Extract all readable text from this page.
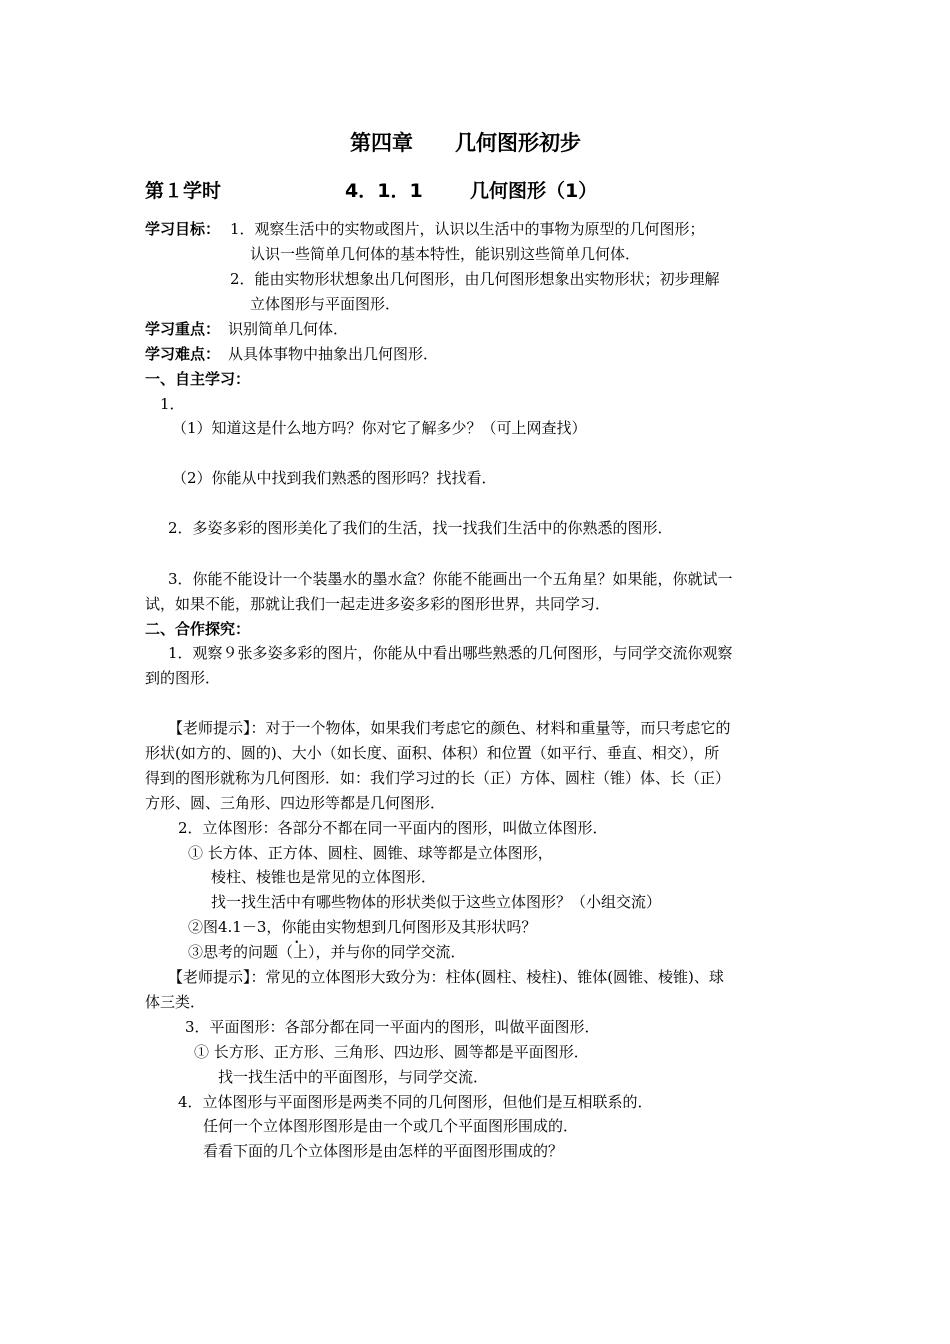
第四章　　几何图形初步
第１学时	4．1．1 几何图形（1）
学习目标： 1．观察生活中的实物或图片，认识以生活中的事物为原型的几何图形；
认识一些简单几何体的基本特性，能识别这些简单几何体．
2．能由实物形状想象出几何图形，由几何图形想象出实物形状；初步理解
立体图形与平面图形．
学习重点： 识别简单几何体．
学习难点： 从具体事物中抽象出几何图形．
一、自主学习：
1．
（1）知道这是什么地方吗？你对它了解多少？（可上网查找）
（2）你能从中找到我们熟悉的图形吗？找找看．
2．多姿多彩的图形美化了我们的生活，找一找我们生活中的你熟悉的图形．
3．你能不能设计一个装墨水的墨水盒？你能不能画出一个五角星？如果能，你就试一
试，如果不能，那就让我们一起走进多姿多彩的图形世界，共同学习．
二、合作探究：
1．观察９张多姿多彩的图片，你能从中看出哪些熟悉的几何图形，与同学交流你观察
到的图形．
【老师提示】：对于一个物体，如果我们考虑它的颜色、材料和重量等，而只考虑它的
形状(如方的、圆的)、大小（如长度、面积、体积）和位置（如平行、垂直、相交），所
得到的图形就称为几何图形．如：我们学习过的长（正）方体、圆柱（锥）体、长（正）
方形、圆、三角形、四边形等都是几何图形．
2．立体图形：各部分不都在同一平面内的图形，叫做立体图形．
① 长方体、正方体、圆柱、圆锥、球等都是立体图形，
棱柱、棱锥也是常见的立体图形．
找一找生活中有哪些物体的形状类似于这些立体图形？（小组交流）
②图4.1－3，你能由实物想到几何图形及其形状吗？
③思考的问题• （上），并与你的同学交流．
【老师提示】：常见的立体图形大致分为：柱体(圆柱、棱柱)、锥体(圆锥、棱锥)、球
体三类．
3．平面图形：各部分都在同一平面内的图形，叫做平面图形．
① 长方形、正方形、三角形、四边形、圆等都是平面图形．
找一找生活中的平面图形，与同学交流．
4．立体图形与平面图形是两类不同的几何图形，但他们是互相联系的．
任何一个立体图形图形是由一个或几个平面图形围成的．
看看下面的几个立体图形是由怎样的平面图形围成的？
